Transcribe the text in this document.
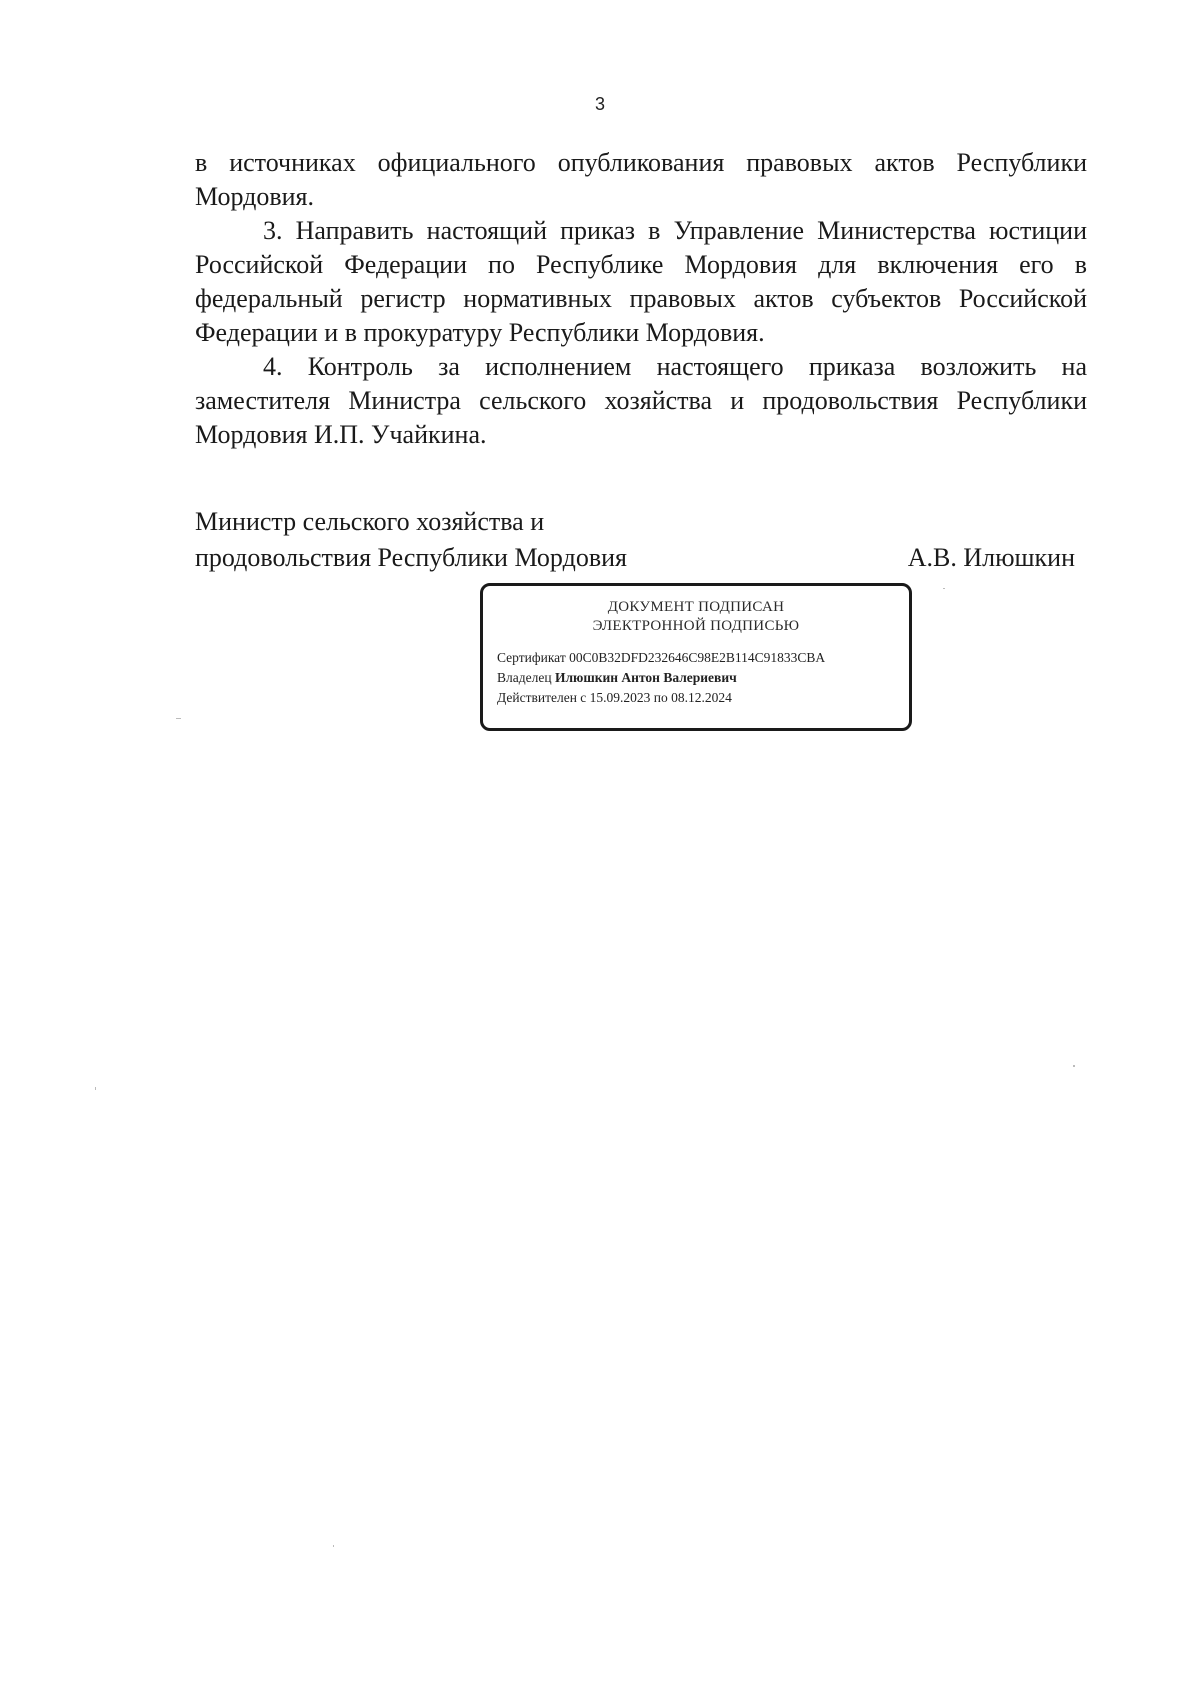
3

в источниках официального опубликования правовых актов Республики Мордовия.

3. Направить настоящий приказ в Управление Министерства юстиции Российской Федерации по Республике Мордовия для включения его в федеральный регистр нормативных правовых актов субъектов Российской Федерации и в прокуратуру Республики Мордовия.

4. Контроль за исполнением настоящего приказа возложить на заместителя Министра сельского хозяйства и продовольствия Республики Мордовия И.П. Учайкина.

Министр сельского хозяйства и
продовольствия Республики Мордовия	А.В. Илюшкин
ДОКУМЕНТ ПОДПИСАН
ЭЛЕКТРОННОЙ ПОДПИСЬЮ
Сертификат 00C0B32DFD232646C98E2B114C91833CBA
Владелец Илюшкин Антон Валериевич
Действителен с 15.09.2023 по 08.12.2024
